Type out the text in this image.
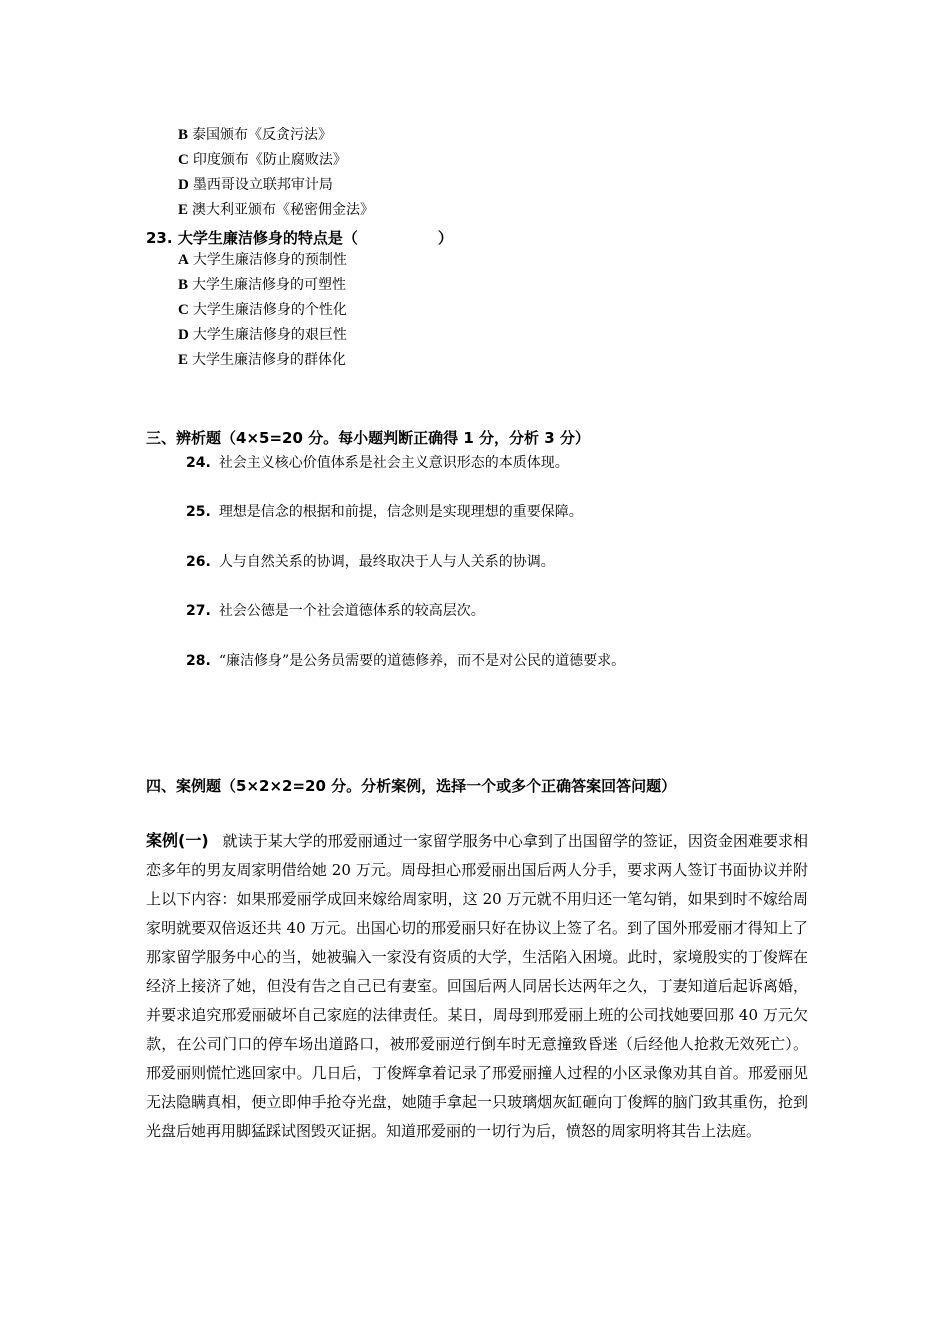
B 泰国颁布《反贪污法》
C 印度颁布《防止腐败法》
D 墨西哥设立联邦审计局
E 澳大利亚颁布《秘密佣金法》
23. 大学生廉洁修身的特点是（	）
A 大学生廉洁修身的预制性
B 大学生廉洁修身的可塑性
C 大学生廉洁修身的个性化
D 大学生廉洁修身的艰巨性
E 大学生廉洁修身的群体化
三、辨析题（4×5=20 分。每小题判断正确得 1 分，分析 3 分）
24. 社会主义核心价值体系是社会主义意识形态的本质体现。
25. 理想是信念的根据和前提，信念则是实现理想的重要保障。
26. 人与自然关系的协调，最终取决于人与人关系的协调。
27. 社会公德是一个社会道德体系的较高层次。
28. “廉洁修身”是公务员需要的道德修养，而不是对公民的道德要求。
四、案例题（5×2×2=20 分。分析案例，选择一个或多个正确答案回答问题）
案例(一) 就读于某大学的邢爱丽通过一家留学服务中心拿到了出国留学的签证，因资金困难要求相恋多年的男友周家明借给她 20 万元。周母担心邢爱丽出国后两人分手，要求两人签订书面协议并附上以下内容：如果邢爱丽学成回来嫁给周家明，这 20 万元就不用归还一笔勾销，如果到时不嫁给周家明就要双倍返还共 40 万元。出国心切的邢爱丽只好在协议上签了名。到了国外邢爱丽才得知上了那家留学服务中心的当，她被骗入一家没有资质的大学，生活陷入困境。此时，家境殷实的丁俊辉在经济上接济了她，但没有告之自己已有妻室。回国后两人同居长达两年之久，丁妻知道后起诉离婚，并要求追究邢爱丽破坏自己家庭的法律责任。某日，周母到邢爱丽上班的公司找她要回那 40 万元欠款，在公司门口的停车场出道路口，被邢爱丽逆行倒车时无意撞致昏迷（后经他人抢救无效死亡）。邢爱丽则慌忙逃回家中。几日后，丁俊辉拿着记录了邢爱丽撞人过程的小区录像劝其自首。邢爱丽见无法隐瞒真相，便立即伸手抢夺光盘，她随手拿起一只玻璃烟灰缸砸向丁俊辉的脑门致其重伤，抢到光盘后她再用脚猛踩试图毁灭证据。知道邢爱丽的一切行为后，愤怒的周家明将其告上法庭。
